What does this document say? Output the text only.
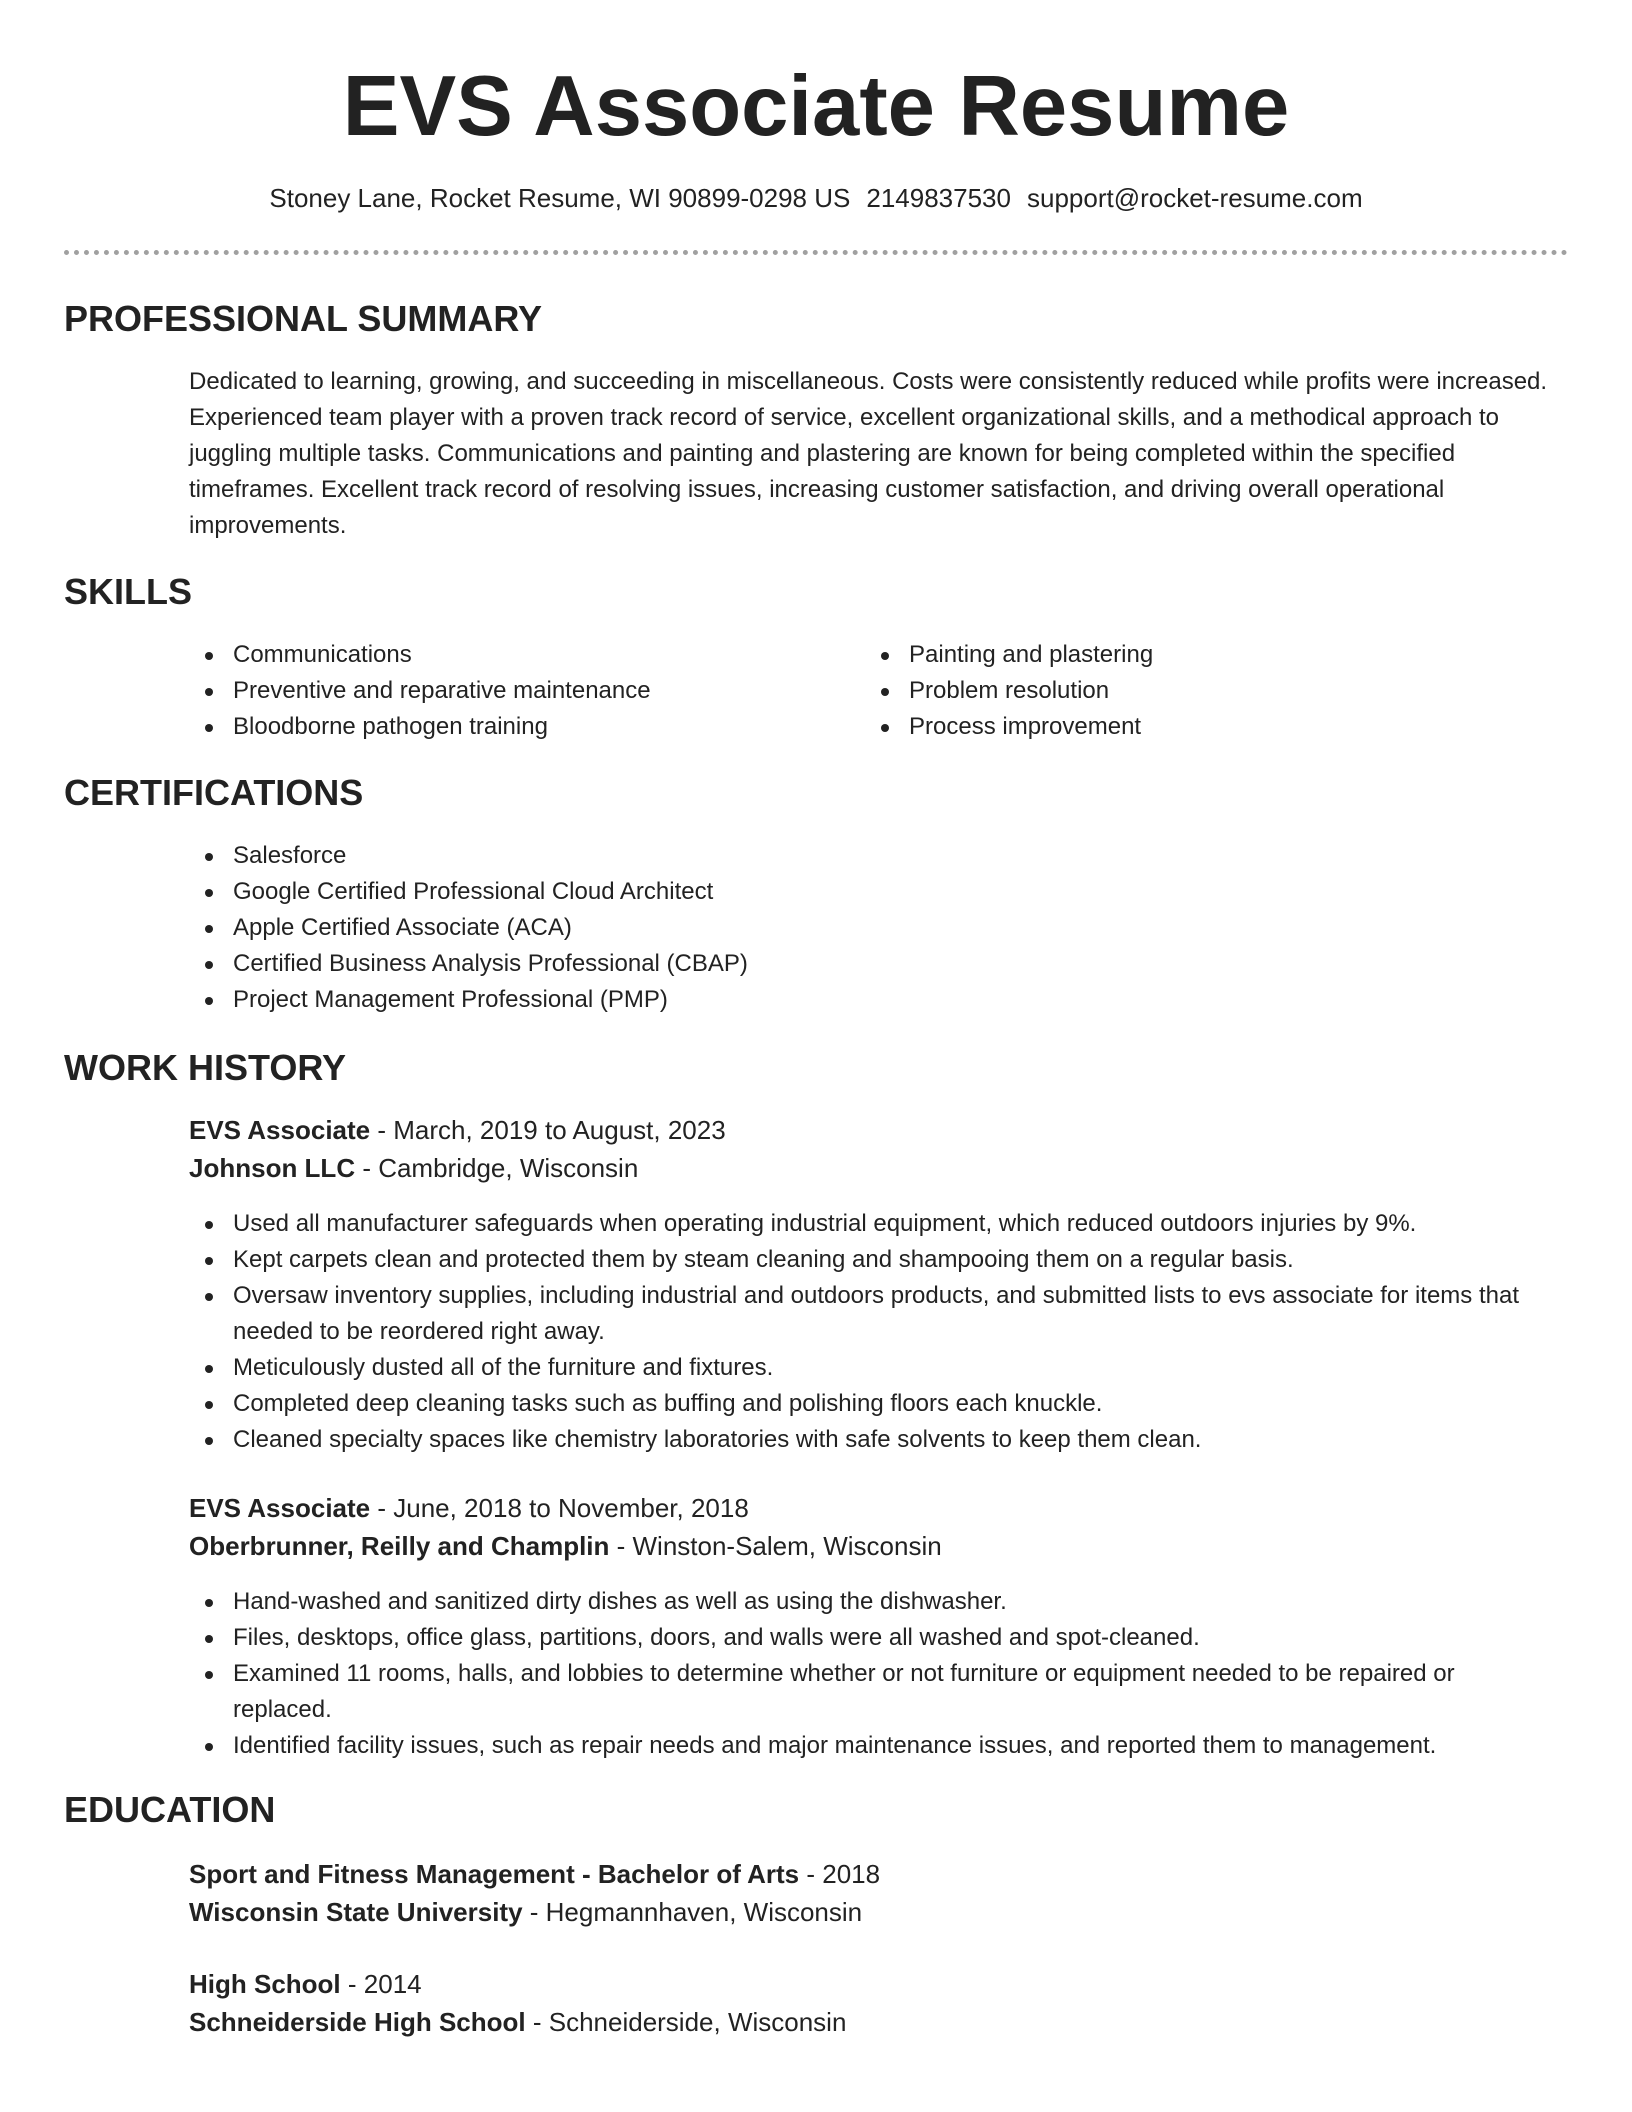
EVS Associate Resume
Stoney Lane, Rocket Resume, WI 90899-0298 US 2149837530 support@rocket-resume.com
PROFESSIONAL SUMMARY

Dedicated to learning, growing, and succeeding in miscellaneous. Costs were consistently reduced while profits were increased. Experienced team player with a proven track record of service, excellent organizational skills, and a methodical approach to juggling multiple tasks. Communications and painting and plastering are known for being completed within the specified timeframes. Excellent track record of resolving issues, increasing customer satisfaction, and driving overall operational improvements.

SKILLS
Communications
Preventive and reparative maintenance
Bloodborne pathogen training
Painting and plastering
Problem resolution
Process improvement
CERTIFICATIONS
Salesforce
Google Certified Professional Cloud Architect
Apple Certified Associate (ACA)
Certified Business Analysis Professional (CBAP)
Project Management Professional (PMP)
WORK HISTORY
EVS Associate - March, 2019 to August, 2023
Johnson LLC - Cambridge, Wisconsin
Used all manufacturer safeguards when operating industrial equipment, which reduced outdoors injuries by 9%.
Kept carpets clean and protected them by steam cleaning and shampooing them on a regular basis.
Oversaw inventory supplies, including industrial and outdoors products, and submitted lists to evs associate for items that needed to be reordered right away.
Meticulously dusted all of the furniture and fixtures.
Completed deep cleaning tasks such as buffing and polishing floors each knuckle.
Cleaned specialty spaces like chemistry laboratories with safe solvents to keep them clean.
EVS Associate - June, 2018 to November, 2018
Oberbrunner, Reilly and Champlin - Winston-Salem, Wisconsin
Hand-washed and sanitized dirty dishes as well as using the dishwasher.
Files, desktops, office glass, partitions, doors, and walls were all washed and spot-cleaned.
Examined 11 rooms, halls, and lobbies to determine whether or not furniture or equipment needed to be repaired or replaced.
Identified facility issues, such as repair needs and major maintenance issues, and reported them to management.
EDUCATION
Sport and Fitness Management - Bachelor of Arts - 2018
Wisconsin State University - Hegmannhaven, Wisconsin
High School - 2014
Schneiderside High School - Schneiderside, Wisconsin
